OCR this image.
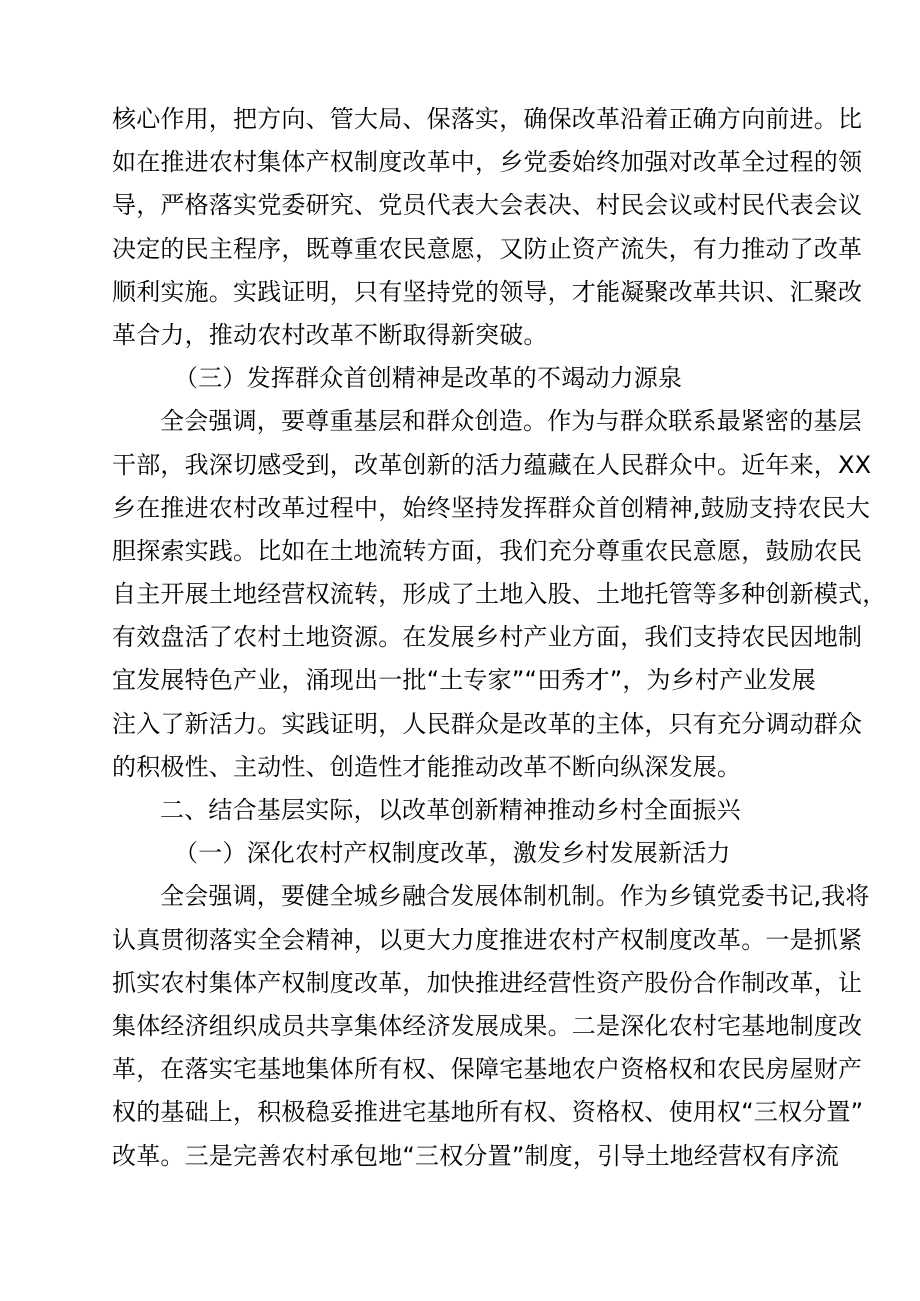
核心作用，把方向、管大局、保落实，确保改革沿着正确方向前进。比
如在推进农村集体产权制度改革中，乡党委始终加强对改革全过程的领
导，严格落实党委研究、党员代表大会表决、村民会议或村民代表会议
决定的民主程序，既尊重农民意愿，又防止资产流失，有力推动了改革
顺利实施。实践证明，只有坚持党的领导，才能凝聚改革共识、汇聚改
革合力，推动农村改革不断取得新突破。
（三）发挥群众首创精神是改革的不竭动力源泉
全会强调，要尊重基层和群众创造。作为与群众联系最紧密的基层
干部，我深切感受到，改革创新的活力蕴藏在人民群众中。近年来，XX
乡在推进农村改革过程中，始终坚持发挥群众首创精神,鼓励支持农民大
胆探索实践。比如在土地流转方面，我们充分尊重农民意愿，鼓励农民
自主开展土地经营权流转，形成了土地入股、土地托管等多种创新模式，
有效盘活了农村土地资源。在发展乡村产业方面，我们支持农民因地制
宜发展特色产业，涌现出一批“土专家”“田秀才”，为乡村产业发展
注入了新活力。实践证明，人民群众是改革的主体，只有充分调动群众
的积极性、主动性、创造性才能推动改革不断向纵深发展。
二、结合基层实际，以改革创新精神推动乡村全面振兴
（一）深化农村产权制度改革，激发乡村发展新活力
全会强调，要健全城乡融合发展体制机制。作为乡镇党委书记,我将
认真贯彻落实全会精神，以更大力度推进农村产权制度改革。一是抓紧
抓实农村集体产权制度改革，加快推进经营性资产股份合作制改革，让
集体经济组织成员共享集体经济发展成果。二是深化农村宅基地制度改
革，在落实宅基地集体所有权、保障宅基地农户资格权和农民房屋财产
权的基础上，积极稳妥推进宅基地所有权、资格权、使用权“三权分置”
改革。三是完善农村承包地“三权分置”制度，引导土地经营权有序流
